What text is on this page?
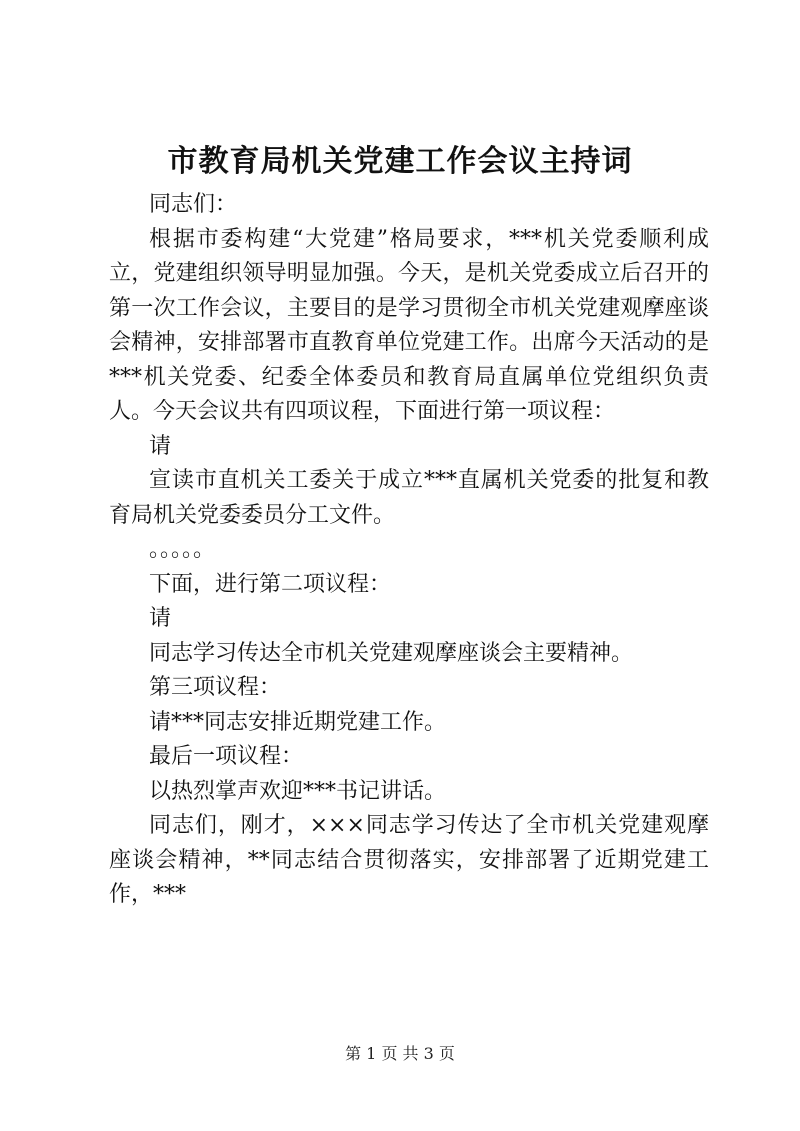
市教育局机关党建工作会议主持词

同志们：

根据市委构建“大党建”格局要求，***机关党委顺利成立，党建组织领导明显加强。今天，是机关党委成立后召开的第一次工作会议，主要目的是学习贯彻全市机关党建观摩座谈会精神，安排部署市直教育单位党建工作。出席今天活动的是***机关党委、纪委全体委员和教育局直属单位党组织负责人。今天会议共有四项议程，下面进行第一项议程：

请

宣读市直机关工委关于成立***直属机关党委的批复和教育局机关党委委员分工文件。

。。。。。

下面，进行第二项议程：

请

同志学习传达全市机关党建观摩座谈会主要精神。

第三项议程：

请***同志安排近期党建工作。

最后一项议程：

以热烈掌声欢迎***书记讲话。

同志们，刚才，×××同志学习传达了全市机关党建观摩座谈会精神，**同志结合贯彻落实，安排部署了近期党建工作，***

第 1 页 共 3 页
